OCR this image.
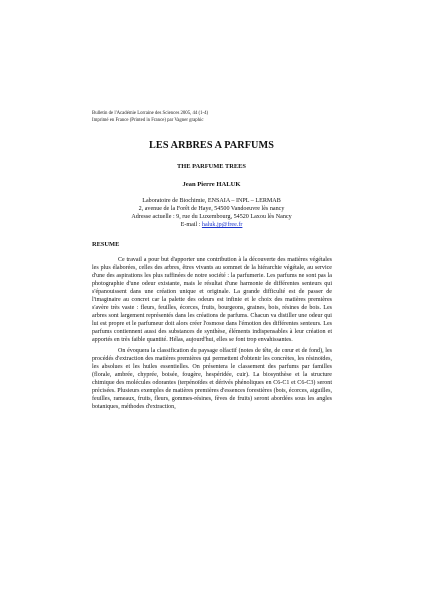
Bulletin de l'Académie Lorraine des Sciences 2005, 44 (1-4)
Imprimé en France (Printed in France) par Vagner graphic
LES ARBRES A PARFUMS
THE PARFUME TREES
Jean Pierre HALUK
Laboratoire de Biochimie, ENSAIA – INPL – LERMAB
2, avenue de la Forêt de Haye, 54500 Vandoeuvre lès nancy
Adresse actuelle : 9, rue du Luxembourg, 54520 Laxou lès Nancy
E-mail : haluk.jp@free.fr
RESUME

Ce travail a pour but d'apporter une contribution à la découverte des matières végétales les plus élaborées, celles des arbres, êtres vivants au sommet de la hiérarchie végétale, au service d'une des aspirations les plus raffinées de notre société : la parfumerie. Les parfums ne sont pas la photographie d'une odeur existante, mais le résultat d'une harmonie de différentes senteurs qui s'épanouissent dans une création unique et originale. La grande difficulté est de passer de l'imaginaire au concret car la palette des odeurs est infinie et le choix des matières premières s'avère très vaste : fleurs, feuilles, écorces, fruits, bourgeons, graines, bois, résines de bois. Les arbres sont largement représentés dans les créations de parfums. Chacun va distiller une odeur qui lui est propre et le parfumeur doit alors créer l'osmose dans l'émotion des différentes senteurs. Les parfums contiennent aussi des substances de synthèse, éléments indispensables à leur création et apportés en très faible quantité. Hélas, aujourd'hui, elles se font trop envahissantes.

On évoquera la classification du paysage olfactif (notes de tête, de cœur et de fond), les procédés d'extraction des matières premières qui permettent d'obtenir les concrètes, les résinoïdes, les absolues et les huiles essentielles. On présentera le classement des parfums par familles (florale, ambrée, chyprée, boisée, fougère, hespéridée, cuir). La biosynthèse et la structure chimique des molécules odorantes (terpénoïdes et dérivés phénoliques en C6-C1 et C6-C3) seront précisées. Plusieurs exemples de matières premières d'essences forestières (bois, écorces, aiguilles, feuilles, rameaux, fruits, fleurs, gommes-résines, fèves de fruits) seront abordées sous les angles botaniques, méthodes d'extraction,
